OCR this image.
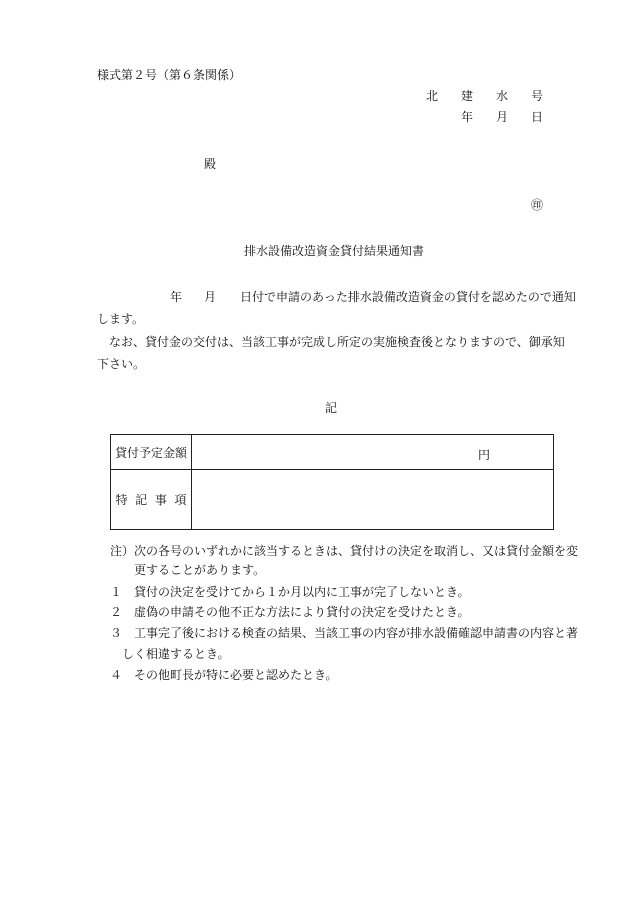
様式第２号（第６条関係）
北 建 水 号
年 月 日
殿
㊞
排水設備改造資金貸付結果通知書
年 月 日付で申請のあった排水設備改造資金の貸付を認めたので通知
します。
なお、貸付金の交付は、当該工事が完成し所定の実施検査後となりますので、御承知
下さい。
記
貸付予定金額	円

特 記 事 項	
注）次の各号のいずれかに該当するときは、貸付けの決定を取消し、又は貸付金額を変
更することがあります。
１ 貸付の決定を受けてから１か月以内に工事が完了しないとき。
２ 虚偽の申請その他不正な方法により貸付の決定を受けたとき。
３ 工事完了後における検査の結果、当該工事の内容が排水設備確認申請書の内容と著
しく相違するとき。
４ その他町長が特に必要と認めたとき。
